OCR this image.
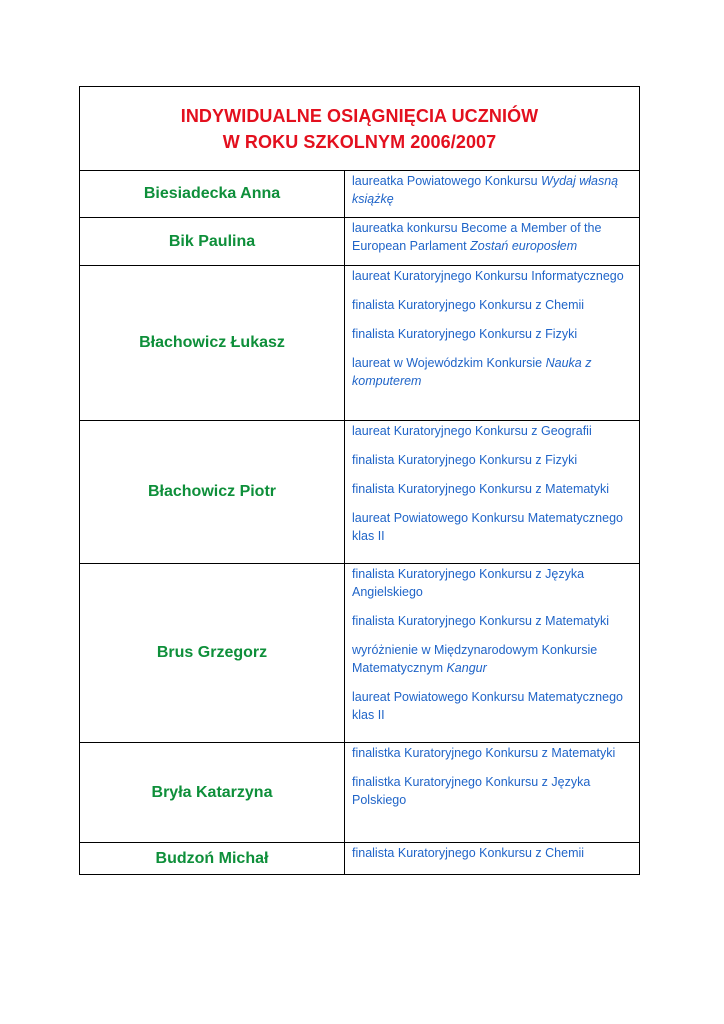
INDYWIDUALNE OSIĄGNIĘCIA UCZNIÓW
W ROKU SZKOLNYM 2006/2007
Biesiadecka Anna
laureatka Powiatowego Konkursu Wydaj własną książkę
Bik Paulina
laureatka konkursu Become a Member of the European Parlament Zostań europosłem
Błachowicz Łukasz
laureat Kuratoryjnego Konkursu Informatycznego
finalista Kuratoryjnego Konkursu z Chemii
finalista Kuratoryjnego Konkursu z Fizyki
laureat w Wojewódzkim Konkursie Nauka z komputerem
Błachowicz Piotr
laureat Kuratoryjnego Konkursu z Geografii
finalista Kuratoryjnego Konkursu z Fizyki
finalista Kuratoryjnego Konkursu z Matematyki
laureat Powiatowego Konkursu Matematycznego klas II
Brus Grzegorz
finalista Kuratoryjnego Konkursu z Języka Angielskiego
finalista Kuratoryjnego Konkursu z Matematyki
wyróżnienie w Międzynarodowym Konkursie Matematycznym Kangur
laureat Powiatowego Konkursu Matematycznego klas II
Bryła Katarzyna
finalistka Kuratoryjnego Konkursu z Matematyki
finalistka Kuratoryjnego Konkursu z Języka Polskiego
Budzoń Michał	finalista Kuratoryjnego Konkursu z Chemii
